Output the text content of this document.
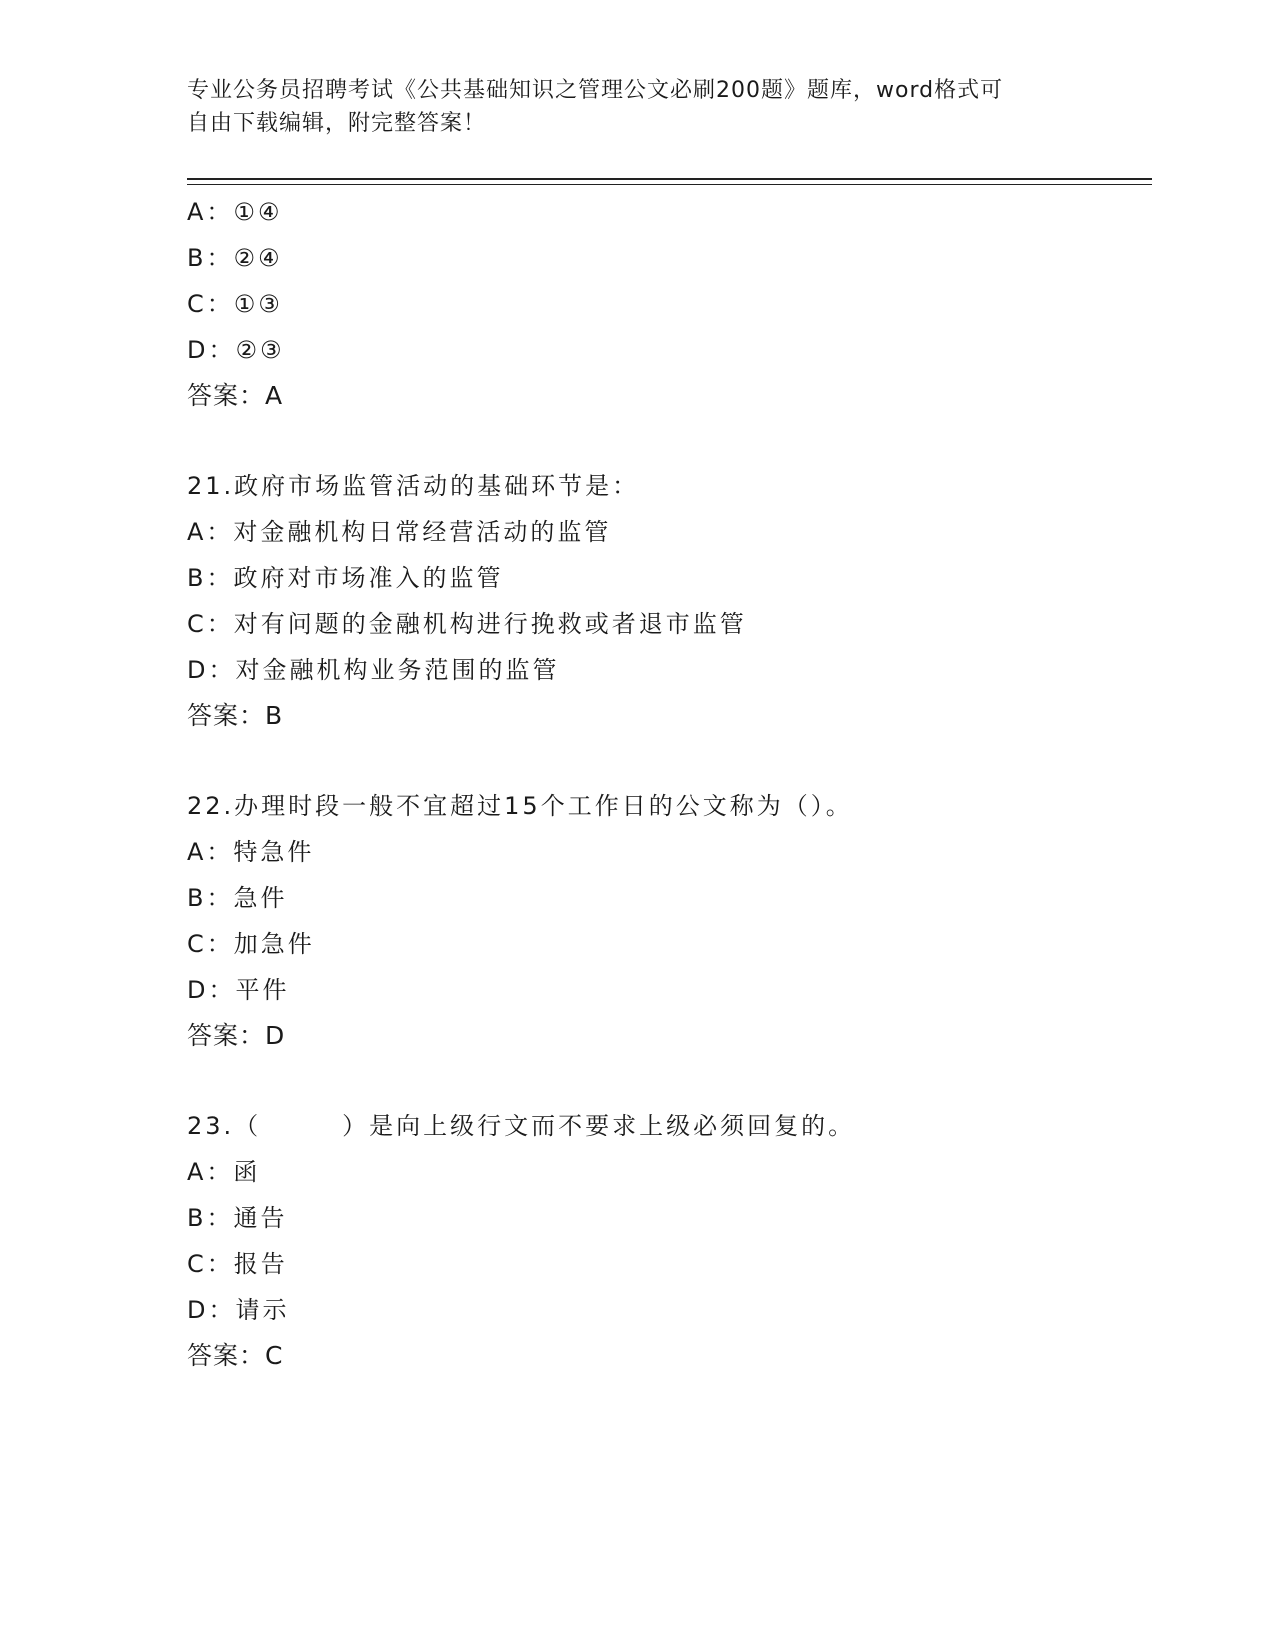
专业公务员招聘考试《公共基础知识之管理公文必刷200题》题库，word格式可
自由下载编辑，附完整答案！
A：①④
B：②④
C：①③
D：②③
答案：A
21.政府市场监管活动的基础环节是：
A：对金融机构日常经营活动的监管
B：政府对市场准入的监管
C：对有问题的金融机构进行挽救或者退市监管
D：对金融机构业务范围的监管
答案：B
22.办理时段一般不宜超过15个工作日的公文称为（）。
A：特急件
B：急件
C：加急件
D：平件
答案：D
23.（　　　）是向上级行文而不要求上级必须回复的。
A：函
B：通告
C：报告
D：请示
答案：C
